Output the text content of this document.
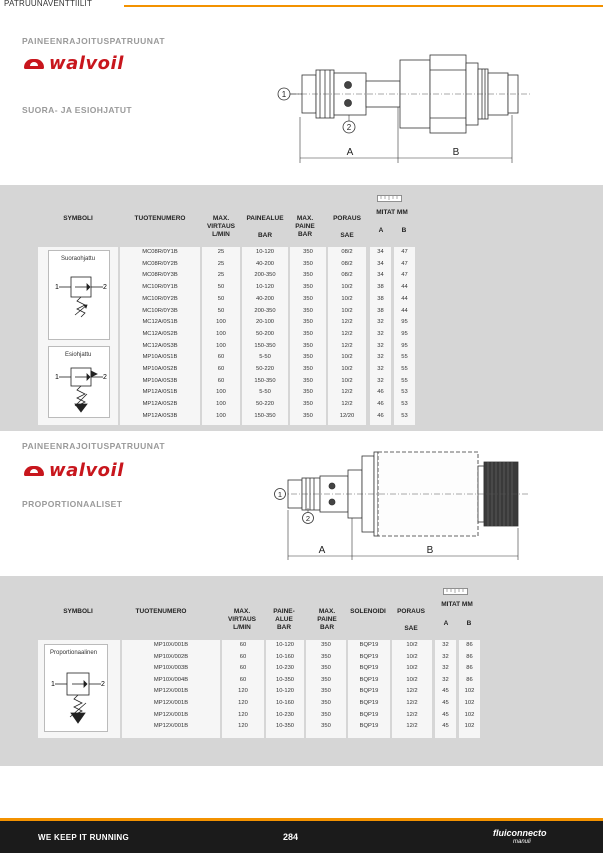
PATRUUNAVENTTIILIT
PAINEENRAJOITUSPATRUUNAT
walvoil
SUORA- JA ESIOHJATUT
1
2
A	B
MITAT MM
SYMBOLI	TUOTENUMERO	MAX.
VIRTAUS
L/MIN
PAINEALUE
BAR
MAX.
PAINE
BAR
PORAUS
SAE
A	B
Suoraohjattu
1	2
Esiohjattu
1	2
MC08R/0Y1B	25	10-120	350	08/2	34	47
MC08R/0Y2B	25	40-200	350	08/2	34	47
MC08R/0Y3B	25	200-350	350	08/2	34	47
MC10R/0Y1B	50	10-120	350	10/2	38	44
MC10R/0Y2B	50	40-200	350	10/2	38	44
MC10R/0Y3B	50	200-350	350	10/2	38	44
MC12A/0S1B	100	20-100	350	12/2	32	95
MC12A/0S2B	100	50-200	350	12/2	32	95
MC12A/0S3B	100	150-350	350	12/2	32	95
MP10A/0S1B	60	5-50	350	10/2	32	55
MP10A/0S2B	60	50-220	350	10/2	32	55
MP10A/0S3B	60	150-350	350	10/2	32	55
MP12A/0S1B	100	5-50	350	12/2	46	53
MP12A/0S2B	100	50-220	350	12/2	46	53
MP12A/0S3B	100	150-350	350	12/20	46	53
PAINEENRAJOITUSPATRUUNAT
walvoil
PROPORTIONAALISET
1
2
A	B
MITAT MM
SYMBOLI	TUOTENUMERO	MAX.
VIRTAUS
L/MIN
PAINE-
ALUE
BAR
MAX.
PAINE
BAR
SOLENOIDI	PORAUS
SAE
A	B
Proportionaalinen
1	2
MP10X/001B	60	10-120	350	BQP19	10/2	32	86
MP10X/002B	60	10-160	350	BQP19	10/2	32	86
MP10X/003B	60	10-230	350	BQP19	10/2	32	86
MP10X/004B	60	10-350	350	BQP19	10/2	32	86
MP12X/001B	120	10-120	350	BQP19	12/2	45	102
MP12X/001B	120	10-160	350	BQP19	12/2	45	102
MP12X/001B	120	10-230	350	BQP19	12/2	45	102
MP12X/001B	120	10-350	350	BQP19	12/2	45	102
WE KEEP IT RUNNING	284	fluiconnecto
manuli
